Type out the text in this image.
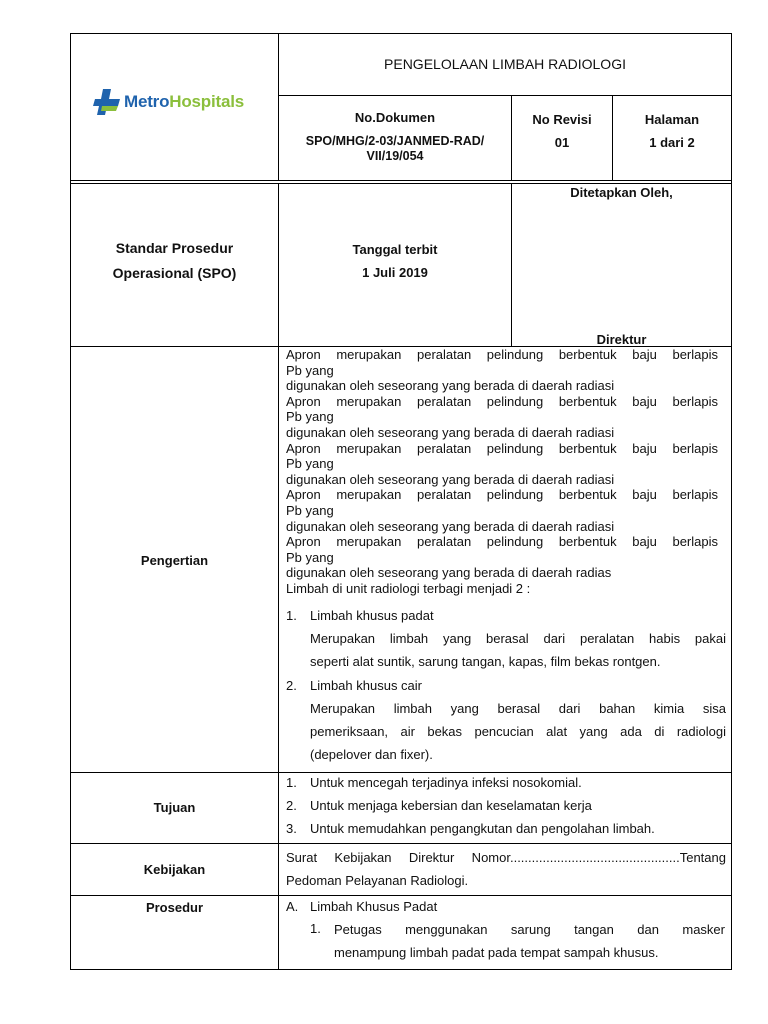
MetroHospitals
PENGELOLAAN LIMBAH RADIOLOGI
No.Dokumen
SPO/MHG/2-03/JANMED-RAD/
VII/19/054
No Revisi
01
Halaman
1 dari 2
Standar Prosedur
Operasional (SPO)
Tanggal terbit
1 Juli 2019
Ditetapkan Oleh,
Direktur
Pengertian
Apron merupakan peralatan pelindung berbentuk baju berlapis
Pb yang
digunakan oleh seseorang yang berada di daerah radiasi
Apron merupakan peralatan pelindung berbentuk baju berlapis
Pb yang
digunakan oleh seseorang yang berada di daerah radiasi
Apron merupakan peralatan pelindung berbentuk baju berlapis
Pb yang
digunakan oleh seseorang yang berada di daerah radiasi
Apron merupakan peralatan pelindung berbentuk baju berlapis
Pb yang
digunakan oleh seseorang yang berada di daerah radiasi
Apron merupakan peralatan pelindung berbentuk baju berlapis
Pb yang
digunakan oleh seseorang yang berada di daerah radias
Limbah di unit radiologi terbagi menjadi 2 :
1. Limbah khusus padat
Merupakan limbah yang berasal dari peralatan habis pakai
seperti alat suntik, sarung tangan, kapas, film bekas rontgen.
2. Limbah khusus cair
Merupakan limbah yang berasal dari bahan kimia sisa
pemeriksaan, air bekas pencucian alat yang ada di radiologi
(depelover dan fixer).
Tujuan
1. Untuk mencegah terjadinya infeksi nosokomial.
2. Untuk menjaga kebersian dan keselamatan kerja
3. Untuk memudahkan pengangkutan dan pengolahan limbah.
Kebijakan
Surat Kebijakan Direktur Nomor...............................................Tentang
Pedoman Pelayanan Radiologi.
Prosedur	A. Limbah Khusus Padat
1. Petugas menggunakan sarung tangan dan masker
menampung limbah padat pada tempat sampah khusus.
